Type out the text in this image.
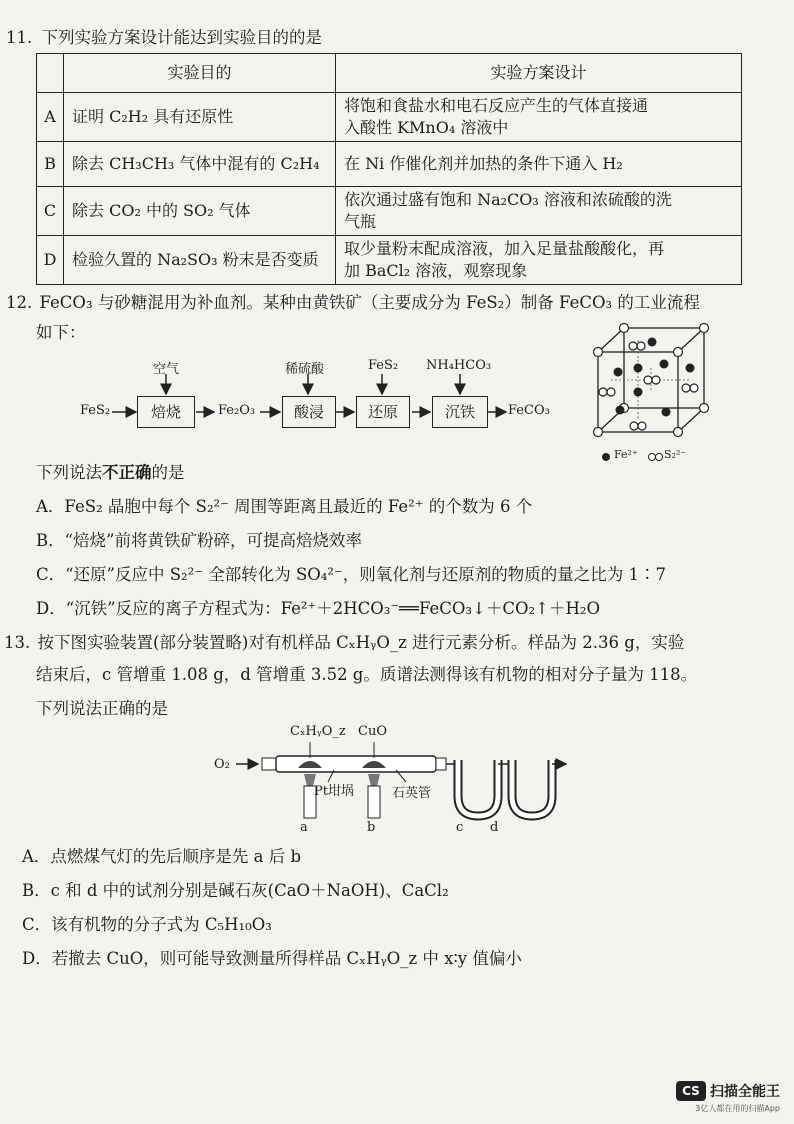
11. 下列实验方案设计能达到实验目的的是
	实验目的	实验方案设计
A	证明 C₂H₂ 具有还原性	将饱和食盐水和电石反应产生的气体直接通
入酸性 KMnO₄ 溶液中

B	除去 CH₃CH₃ 气体中混有的 C₂H₄	在 Ni 作催化剂并加热的条件下通入 H₂

C	除去 CO₂ 中的 SO₂ 气体	依次通过盛有饱和 Na₂CO₃ 溶液和浓硫酸的洗
气瓶

D	检验久置的 Na₂SO₃ 粉末是否变质	取少量粉末配成溶液，加入足量盐酸酸化，再
加 BaCl₂ 溶液，观察现象
12. FeCO₃ 与砂糖混用为补血剂。某种由黄铁矿（主要成分为 FeS₂）制备 FeCO₃ 的工业流程
如下：
FeS₂	焙烧
空气
Fe₂O₃	酸浸
稀硫酸
还原
FeS₂
沉铁
NH₄HCO₃
FeCO₃
Fe²⁺ S₂²⁻
下列说法不正确的是
A．FeS₂ 晶胞中每个 S₂²⁻ 周围等距离且最近的 Fe²⁺ 的个数为 6 个
B．“焙烧”前将黄铁矿粉碎，可提高焙烧效率
C．“还原”反应中 S₂²⁻ 全部转化为 SO₄²⁻，则氧化剂与还原剂的物质的量之比为 1∶7
D．“沉铁”反应的离子方程式为：Fe²⁺＋2HCO₃⁻══FeCO₃↓＋CO₂↑＋H₂O
13. 按下图实验装置(部分装置略)对有机样品 CₓHᵧO_z 进行元素分析。样品为 2.36 g，实验
结束后，c 管增重 1.08 g，d 管增重 3.52 g。质谱法测得该有机物的相对分子量为 118。
下列说法正确的是
O₂
CₓHᵧO_z CuO
Pt坩埚	石英管
a	b	c d
A．点燃煤气灯的先后顺序是先 a 后 b
B．c 和 d 中的试剂分别是碱石灰(CaO＋NaOH)、CaCl₂
C．该有机物的分子式为 C₅H₁₀O₃
D．若撤去 CuO，则可能导致测量所得样品 CₓHᵧO_z 中 x∶y 值偏小
CS 扫描全能王
3亿人都在用的扫描App
